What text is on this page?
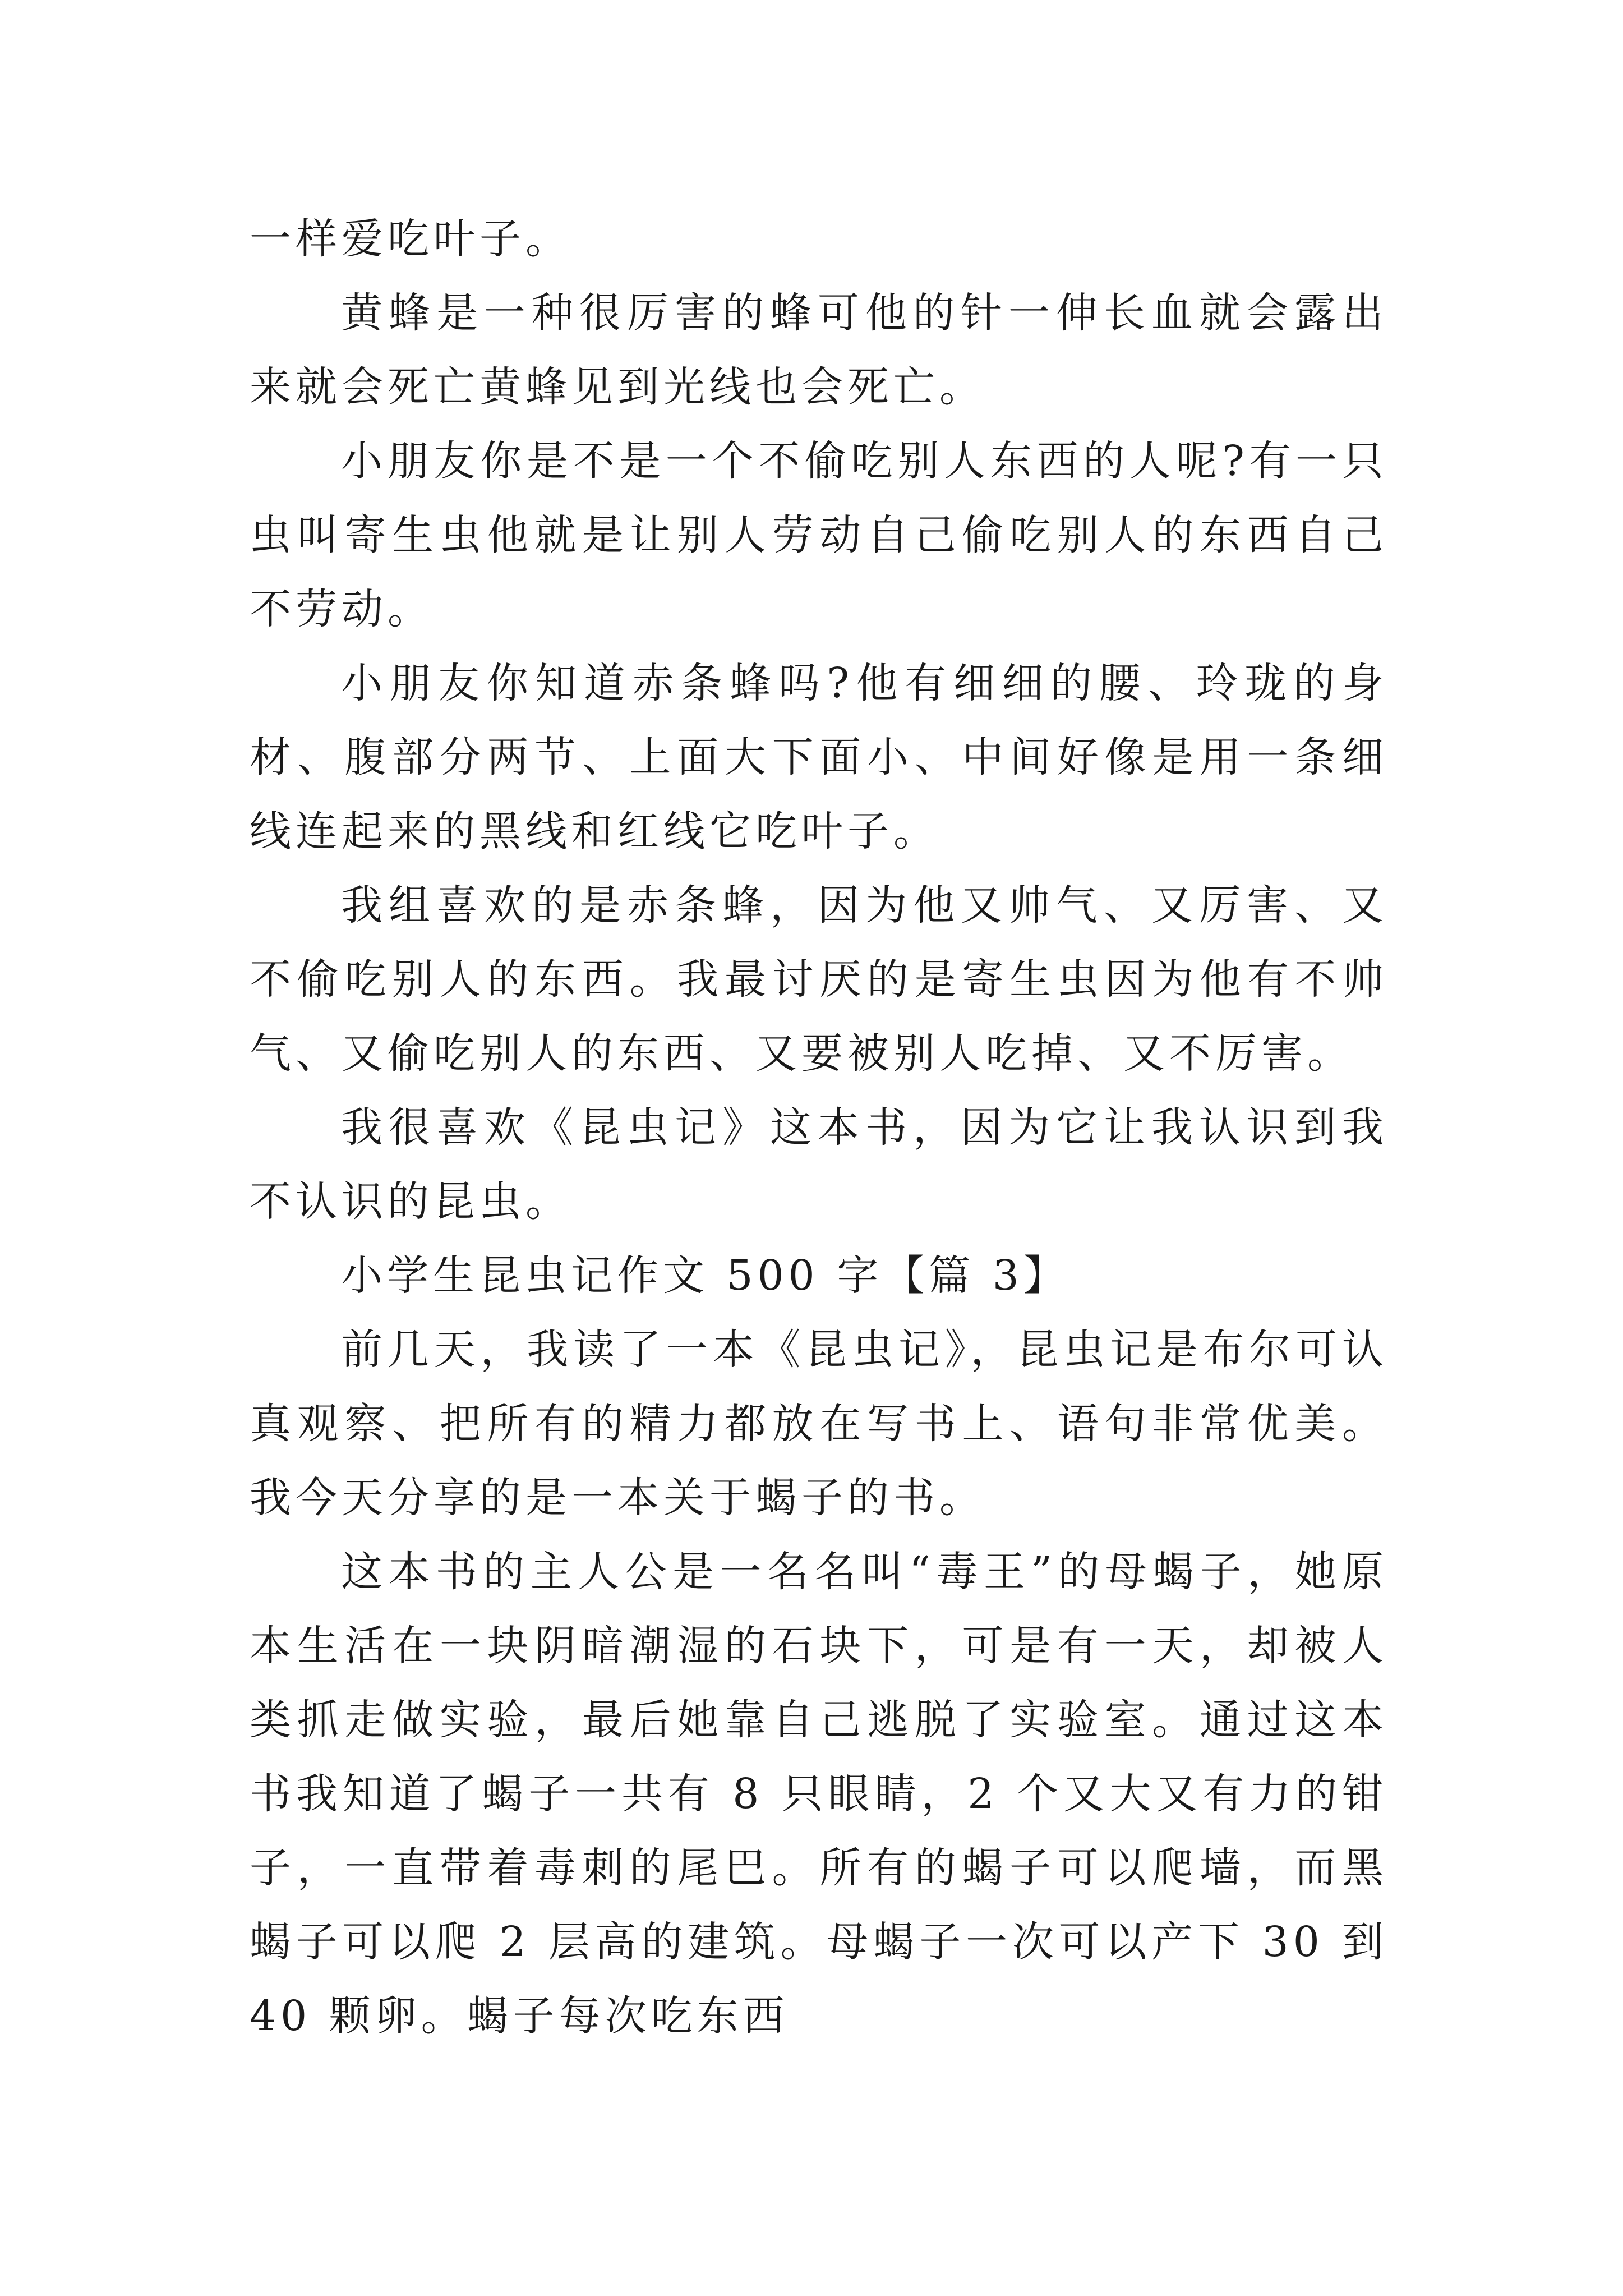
一样爱吃叶子。

黄蜂是一种很厉害的蜂可他的针一伸长血就会露出来就会死亡黄蜂见到光线也会死亡。

小朋友你是不是一个不偷吃别人东西的人呢?有一只虫叫寄生虫他就是让别人劳动自己偷吃别人的东西自己不劳动。

小朋友你知道赤条蜂吗?他有细细的腰、玲珑的身材、腹部分两节、上面大下面小、中间好像是用一条细线连起来的黑线和红线它吃叶子。

我组喜欢的是赤条蜂，因为他又帅气、又厉害、又不偷吃别人的东西。我最讨厌的是寄生虫因为他有不帅气、又偷吃别人的东西、又要被别人吃掉、又不厉害。

我很喜欢《昆虫记》这本书，因为它让我认识到我不认识的昆虫。

小学生昆虫记作文 500 字【篇 3】

前几天，我读了一本《昆虫记》，昆虫记是布尔可认真观察、把所有的精力都放在写书上、语句非常优美。我今天分享的是一本关于蝎子的书。

这本书的主人公是一名名叫“毒王”的母蝎子，她原本生活在一块阴暗潮湿的石块下，可是有一天，却被人类抓走做实验，最后她靠自己逃脱了实验室。通过这本书我知道了蝎子一共有 8 只眼睛，2 个又大又有力的钳子，一直带着毒刺的尾巴。所有的蝎子可以爬墙，而黑蝎子可以爬 2 层高的建筑。母蝎子一次可以产下 30 到 40 颗卵。蝎子每次吃东西
